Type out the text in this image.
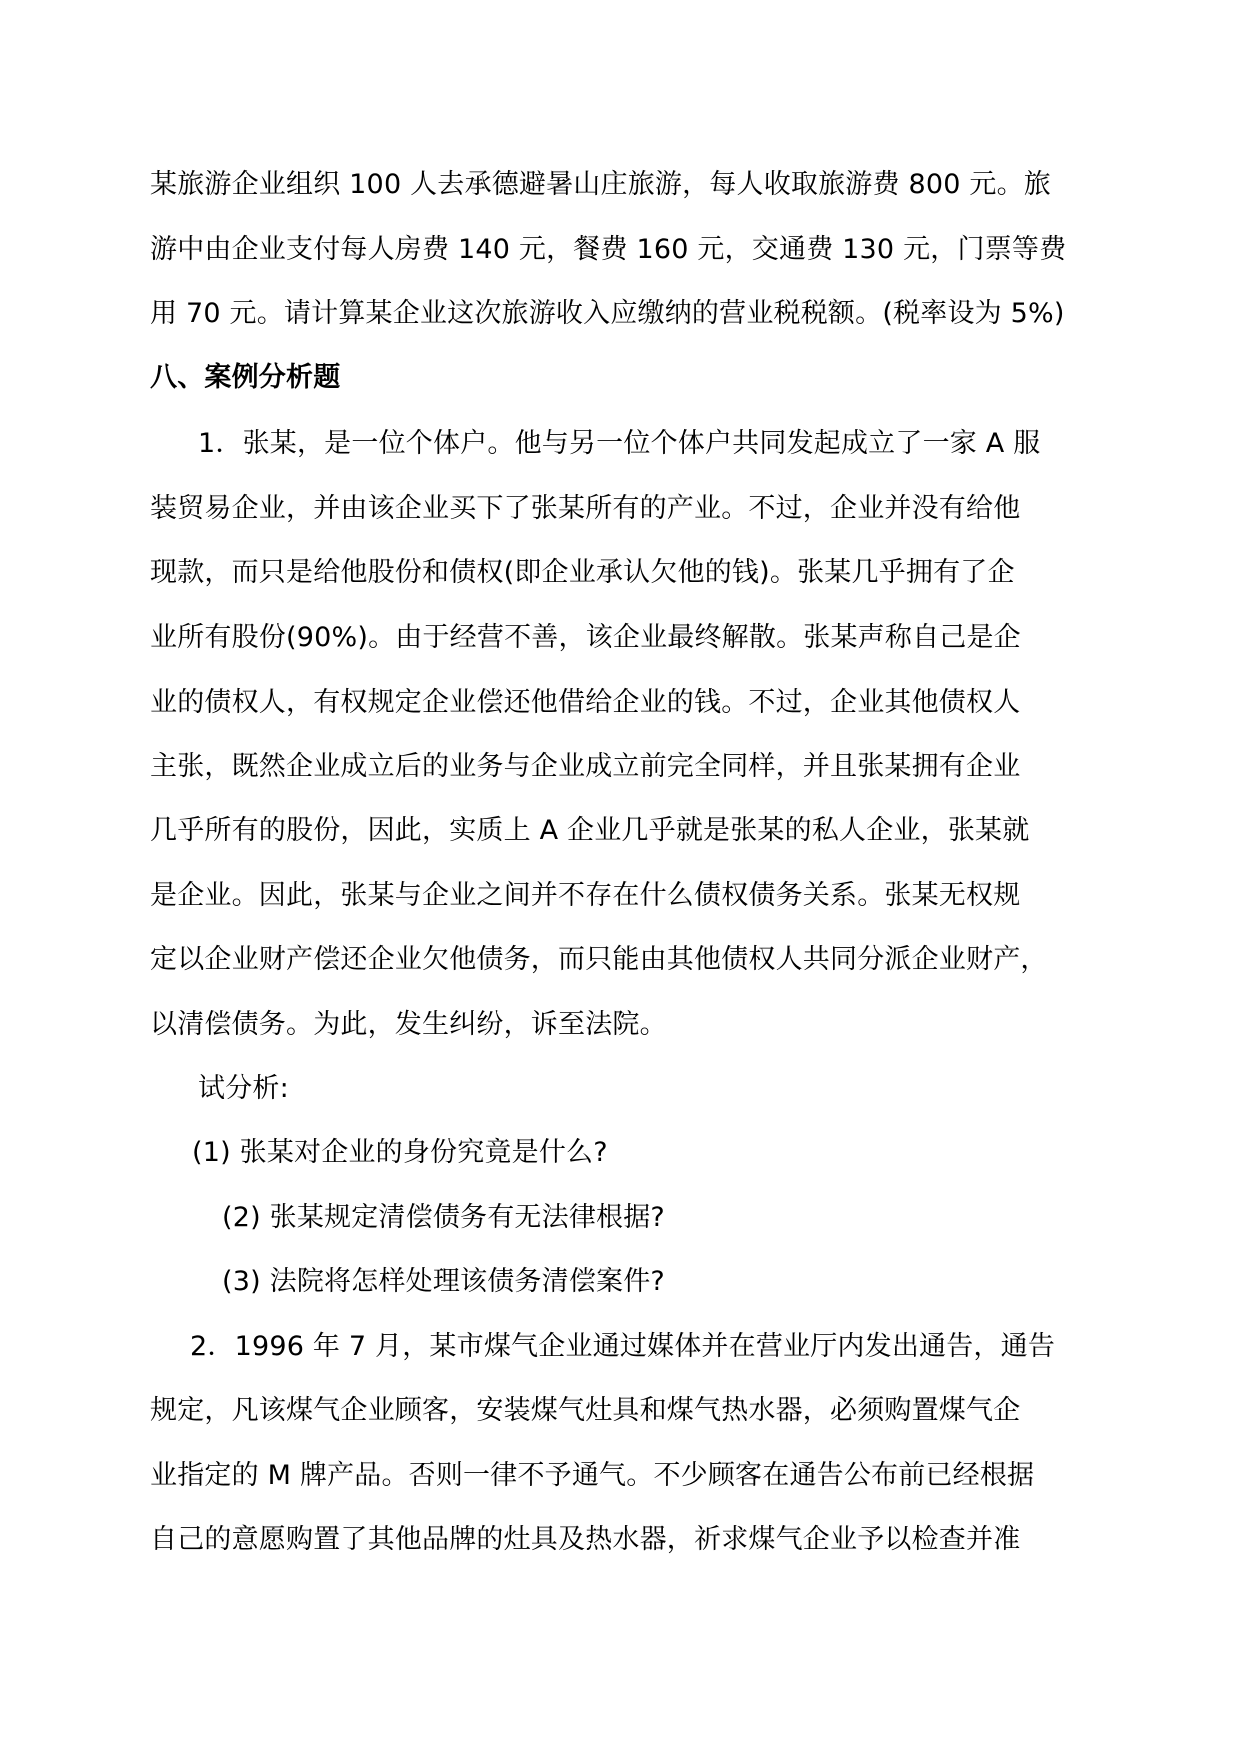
某旅游企业组织 100 人去承德避暑山庄旅游，每人收取旅游费 800 元。旅
游中由企业支付每人房费 140 元，餐费 160 元，交通费 130 元，门票等费
用 70 元。请计算某企业这次旅游收入应缴纳的营业税税额。(税率设为 5%)
八、案例分析题
1．张某，是一位个体户。他与另一位个体户共同发起成立了一家 A 服
装贸易企业，并由该企业买下了张某所有的产业。不过，企业并没有给他
现款，而只是给他股份和债权(即企业承认欠他的钱)。张某几乎拥有了企
业所有股份(90%)。由于经营不善，该企业最终解散。张某声称自己是企
业的债权人，有权规定企业偿还他借给企业的钱。不过，企业其他债权人
主张，既然企业成立后的业务与企业成立前完全同样，并且张某拥有企业
几乎所有的股份，因此，实质上 A 企业几乎就是张某的私人企业，张某就
是企业。因此，张某与企业之间并不存在什么债权债务关系。张某无权规
定以企业财产偿还企业欠他债务，而只能由其他债权人共同分派企业财产，
以清偿债务。为此，发生纠纷，诉至法院。
试分析:
(1) 张某对企业的身份究竟是什么?
(2) 张某规定清偿债务有无法律根据?
(3) 法院将怎样处理该债务清偿案件?
2．1996 年 7 月，某市煤气企业通过媒体并在营业厅内发出通告，通告
规定，凡该煤气企业顾客，安装煤气灶具和煤气热水器，必须购置煤气企
业指定的 M 牌产品。否则一律不予通气。不少顾客在通告公布前已经根据
自己的意愿购置了其他品牌的灶具及热水器，祈求煤气企业予以检查并准
